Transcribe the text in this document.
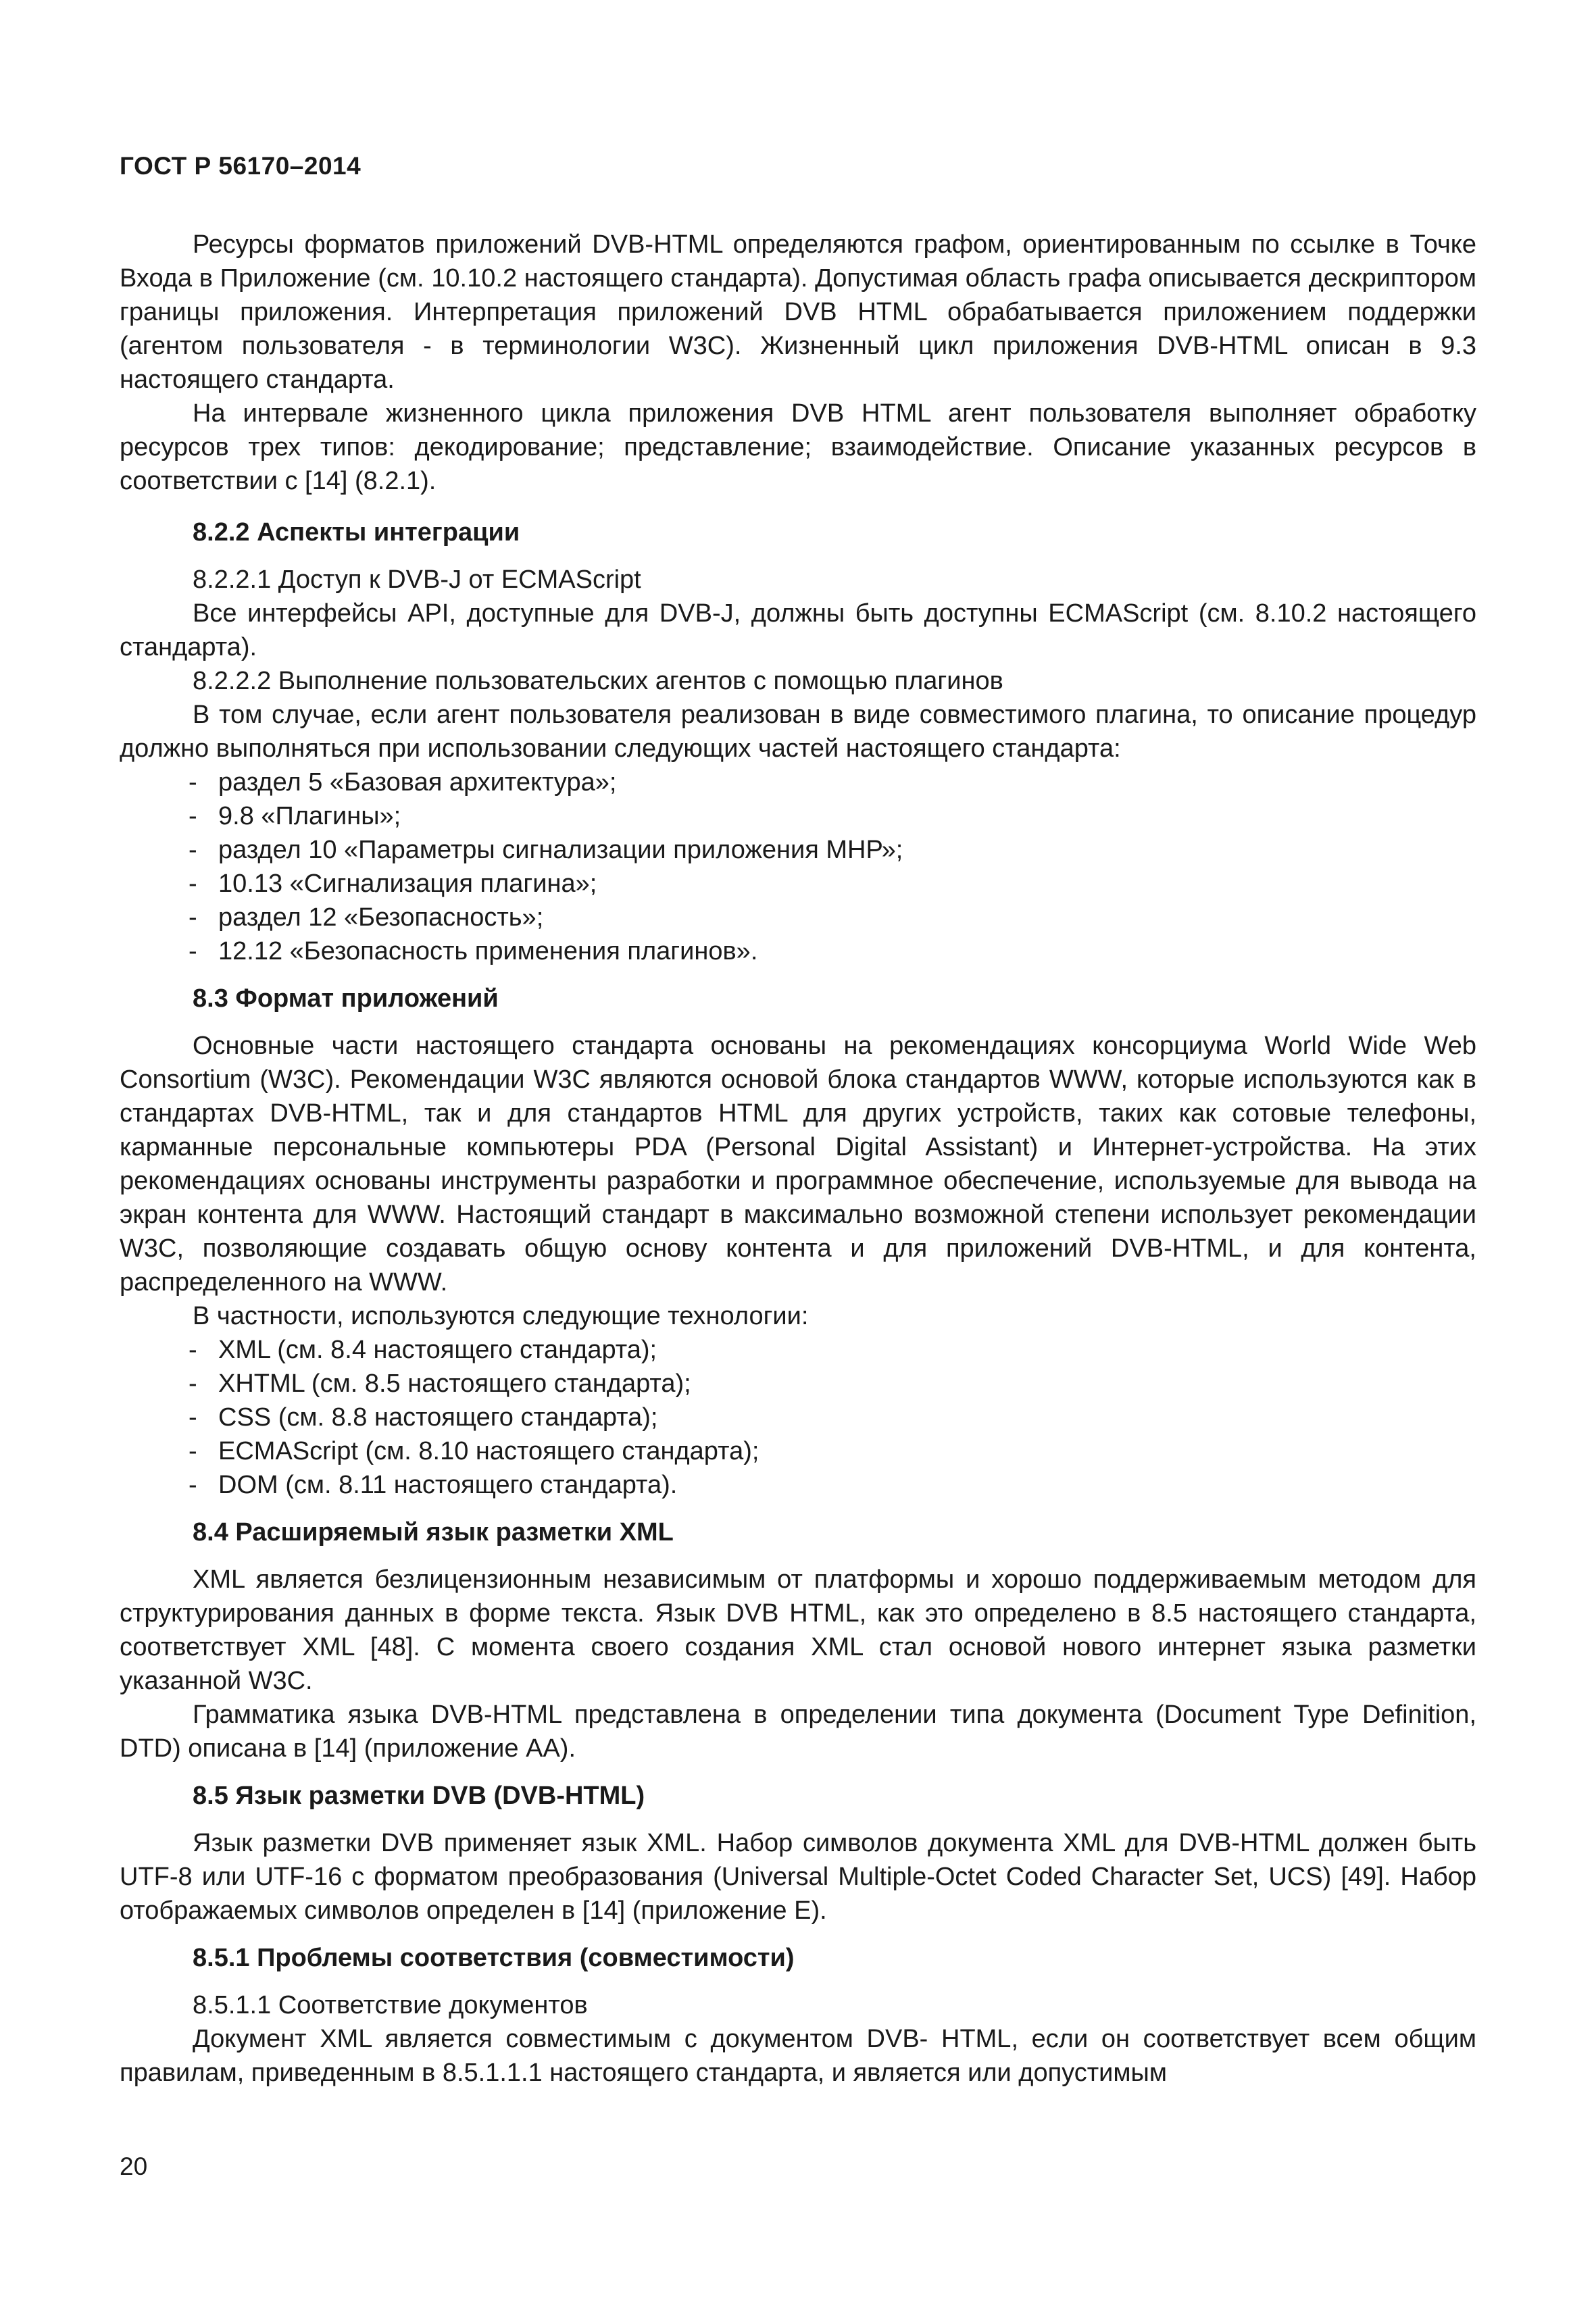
ГОСТ Р 56170–2014

Ресурсы форматов приложений DVB-HTML определяются графом, ориентированным по ссылке в Точке Входа в Приложение (см. 10.10.2 настоящего стандарта). Допустимая область графа описывается дескриптором границы приложения. Интерпретация приложений DVB HTML обрабатывается приложением поддержки (агентом пользователя - в терминологии W3C). Жизненный цикл приложения DVB-HTML описан в 9.3 настоящего стандарта.

На интервале жизненного цикла приложения DVB HTML агент пользователя выполняет обработку ресурсов трех типов: декодирование; представление; взаимодействие. Описание указанных ресурсов в соответствии с [14] (8.2.1).

8.2.2 Аспекты интеграции
8.2.2.1 Доступ к DVB-J от ECMAScript

Все интерфейсы API, доступные для DVB-J, должны быть доступны ECMAScript (см. 8.10.2 настоящего стандарта).

8.2.2.2 Выполнение пользовательских агентов с помощью плагинов

В том случае, если агент пользователя реализован в виде совместимого плагина, то описание процедур должно выполняться при использовании следующих частей настоящего стандарта:

- раздел 5 «Базовая архитектура»;
- 9.8 «Плагины»;
- раздел 10 «Параметры сигнализации приложения МНР»;
- 10.13 «Сигнализация плагина»;
- раздел 12 «Безопасность»;
- 12.12 «Безопасность применения плагинов».
8.3 Формат приложений

Основные части настоящего стандарта основаны на рекомендациях консорциума World Wide Web Consortium (W3C). Рекомендации W3C являются основой блока стандартов WWW, которые используются как в стандартах DVB-HTML, так и для стандартов HTML для других устройств, таких как сотовые телефоны, карманные персональные компьютеры PDA (Personal Digital Assistant) и Интернет-устройства. На этих рекомендациях основаны инструменты разработки и программное обеспечение, используемые для вывода на экран контента для WWW. Настоящий стандарт в максимально возможной степени использует рекомендации W3C, позволяющие создавать общую основу контента и для приложений DVB-HTML, и для контента, распределенного на WWW.

В частности, используются следующие технологии:

- XML (см. 8.4 настоящего стандарта);
- XHTML (см. 8.5 настоящего стандарта);
- CSS (см. 8.8 настоящего стандарта);
- ECMAScript (см. 8.10 настоящего стандарта);
- DOM (см. 8.11 настоящего стандарта).
8.4 Расширяемый язык разметки XML

XML является безлицензионным независимым от платформы и хорошо поддерживаемым методом для структурирования данных в форме текста. Язык DVB HTML, как это определено в 8.5 настоящего стандарта, соответствует XML [48]. С момента своего создания XML стал основой нового интернет языка разметки указанной W3C.

Грамматика языка DVB-HTML представлена в определении типа документа (Document Type Definition, DTD) описана в [14] (приложение АА).

8.5 Язык разметки DVB (DVB-HTML)

Язык разметки DVB применяет язык XML. Набор символов документа XML для DVB-HTML должен быть UTF-8 или UTF-16 с форматом преобразования (Universal Multiple-Octet Coded Character Set, UCS) [49]. Набор отображаемых символов определен в [14] (приложение Е).

8.5.1 Проблемы соответствия (совместимости)
8.5.1.1 Соответствие документов

Документ XML является совместимым с документом DVB- HTML, если он соответствует всем общим правилам, приведенным в 8.5.1.1.1 настоящего стандарта, и является или допустимым

20
